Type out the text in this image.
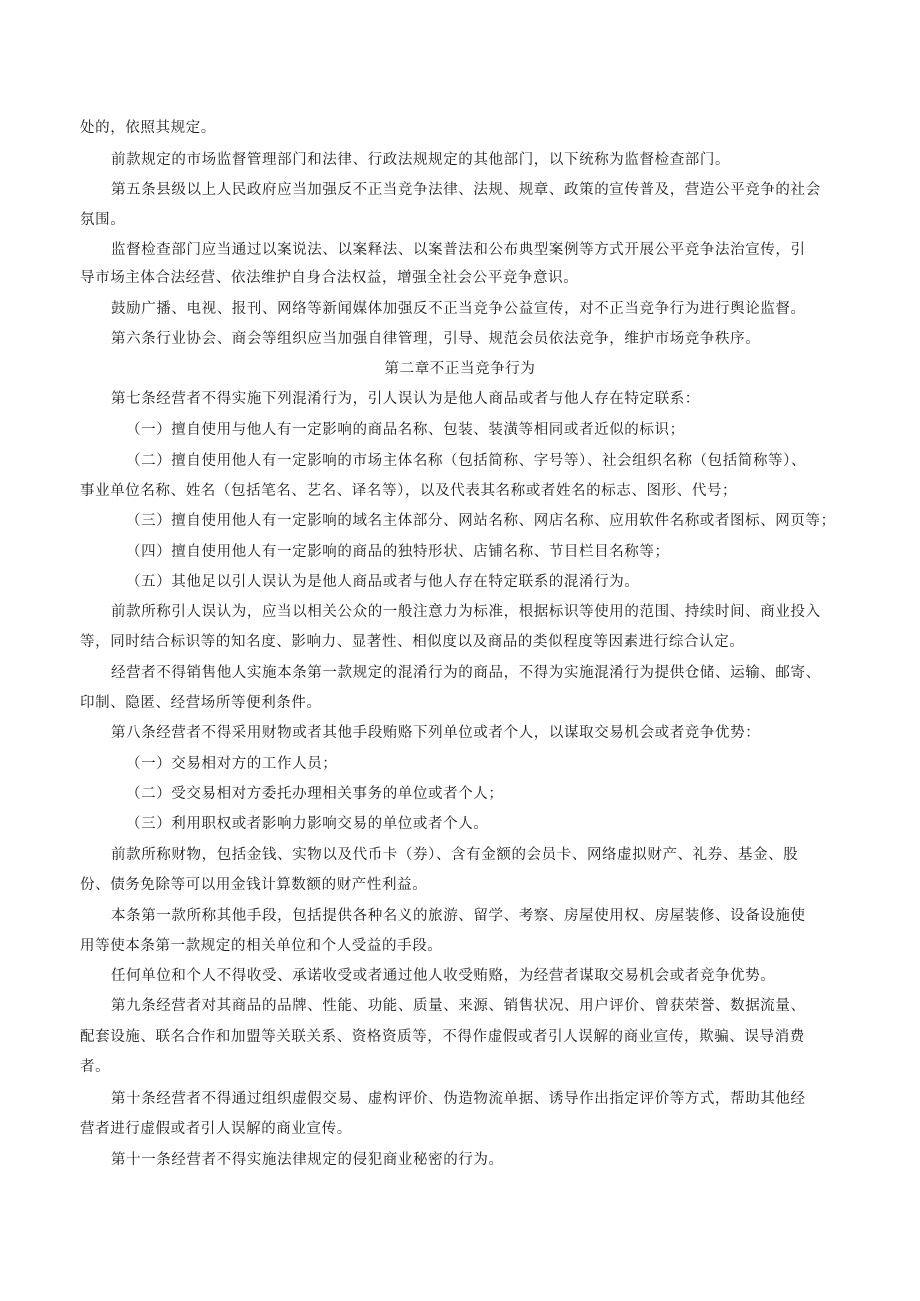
处的，依照其规定。
前款规定的市场监督管理部门和法律、行政法规规定的其他部门，以下统称为监督检查部门。
第五条县级以上人民政府应当加强反不正当竞争法律、法规、规章、政策的宣传普及，营造公平竞争的社会
氛围。
监督检查部门应当通过以案说法、以案释法、以案普法和公布典型案例等方式开展公平竞争法治宣传，引
导市场主体合法经营、依法维护自身合法权益，增强全社会公平竞争意识。
鼓励广播、电视、报刊、网络等新闻媒体加强反不正当竞争公益宣传，对不正当竞争行为进行舆论监督。
第六条行业协会、商会等组织应当加强自律管理，引导、规范会员依法竞争，维护市场竞争秩序。
第二章不正当竞争行为
第七条经营者不得实施下列混淆行为，引人误认为是他人商品或者与他人存在特定联系：
（一）擅自使用与他人有一定影响的商品名称、包装、装潢等相同或者近似的标识；
（二）擅自使用他人有一定影响的市场主体名称（包括简称、字号等）、社会组织名称（包括简称等）、
事业单位名称、姓名（包括笔名、艺名、译名等），以及代表其名称或者姓名的标志、图形、代号；
（三）擅自使用他人有一定影响的域名主体部分、网站名称、网店名称、应用软件名称或者图标、网页等；
（四）擅自使用他人有一定影响的商品的独特形状、店铺名称、节目栏目名称等；
（五）其他足以引人误认为是他人商品或者与他人存在特定联系的混淆行为。
前款所称引人误认为，应当以相关公众的一般注意力为标准，根据标识等使用的范围、持续时间、商业投入
等，同时结合标识等的知名度、影响力、显著性、相似度以及商品的类似程度等因素进行综合认定。
经营者不得销售他人实施本条第一款规定的混淆行为的商品，不得为实施混淆行为提供仓储、运输、邮寄、
印制、隐匿、经营场所等便利条件。
第八条经营者不得采用财物或者其他手段贿赂下列单位或者个人，以谋取交易机会或者竞争优势：
（一）交易相对方的工作人员；
（二）受交易相对方委托办理相关事务的单位或者个人；
（三）利用职权或者影响力影响交易的单位或者个人。
前款所称财物，包括金钱、实物以及代币卡（券）、含有金额的会员卡、网络虚拟财产、礼券、基金、股
份、债务免除等可以用金钱计算数额的财产性利益。
本条第一款所称其他手段，包括提供各种名义的旅游、留学、考察、房屋使用权、房屋装修、设备设施使
用等使本条第一款规定的相关单位和个人受益的手段。
任何单位和个人不得收受、承诺收受或者通过他人收受贿赂，为经营者谋取交易机会或者竞争优势。
第九条经营者对其商品的品牌、性能、功能、质量、来源、销售状况、用户评价、曾获荣誉、数据流量、
配套设施、联名合作和加盟等关联关系、资格资质等，不得作虚假或者引人误解的商业宣传，欺骗、误导消费
者。
第十条经营者不得通过组织虚假交易、虚构评价、伪造物流单据、诱导作出指定评价等方式，帮助其他经
营者进行虚假或者引人误解的商业宣传。
第十一条经营者不得实施法律规定的侵犯商业秘密的行为。
